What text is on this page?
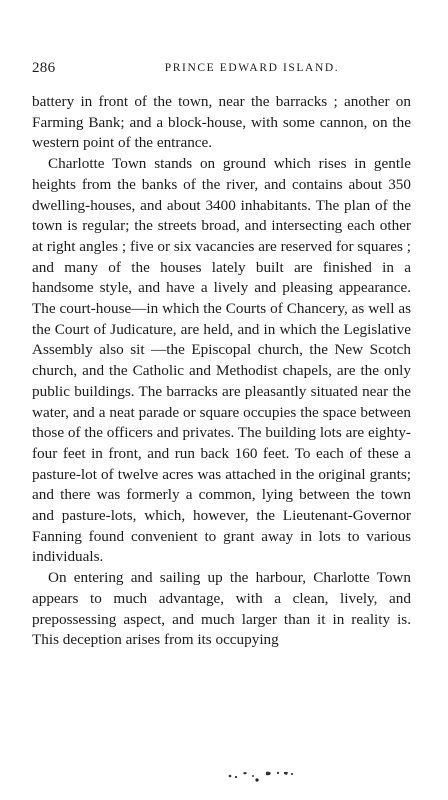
286	PRINCE EDWARD ISLAND.

battery in front of the town, near the barracks ; another on Farming Bank; and a block-house, with some cannon, on the western point of the entrance.

Charlotte Town stands on ground which rises in gentle heights from the banks of the river, and contains about 350 dwelling-houses, and about 3400 inhabitants. The plan of the town is regular; the streets broad, and intersecting each other at right angles ; five or six vacancies are reserved for squares ; and many of the houses lately built are finished in a handsome style, and have a lively and pleasing appearance. The court-house—in which the Courts of Chancery, as well as the Court of Judicature, are held, and in which the Legislative Assembly also sit —the Episcopal church, the New Scotch church, and the Catholic and Methodist chapels, are the only public buildings. The barracks are pleasantly situated near the water, and a neat parade or square occupies the space between those of the officers and privates. The building lots are eighty-four feet in front, and run back 160 feet. To each of these a pasture-lot of twelve acres was attached in the original grants; and there was formerly a common, lying between the town and pasture-lots, which, however, the Lieutenant-Governor Fanning found convenient to grant away in lots to various individuals.

On entering and sailing up the harbour, Charlotte Town appears to much advantage, with a clean, lively, and prepossessing aspect, and much larger than it in reality is. This deception arises from its occupying
